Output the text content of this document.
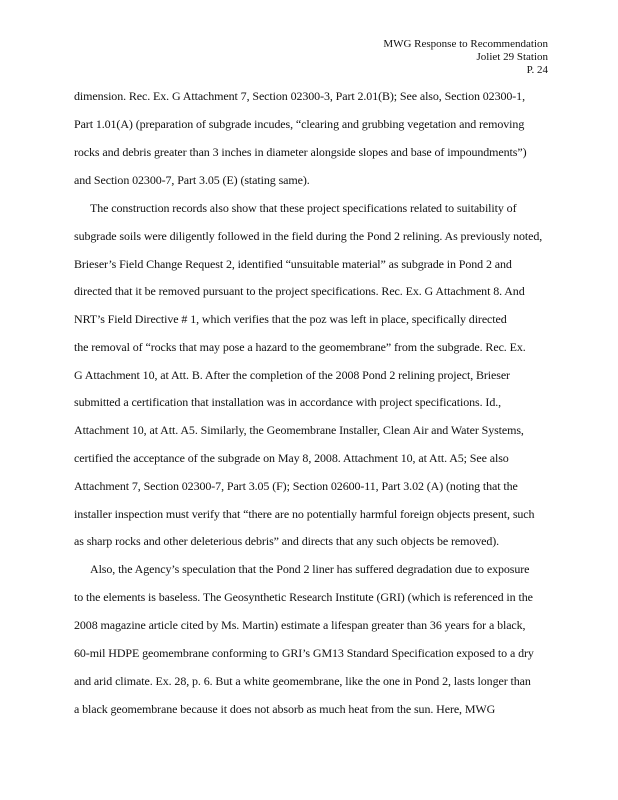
MWG Response to Recommendation
Joliet 29 Station
P. 24
dimension. Rec. Ex. G Attachment 7, Section 02300-3, Part 2.01(B); See also, Section 02300-1,
Part 1.01(A) (preparation of subgrade incudes, “clearing and grubbing vegetation and removing
rocks and debris greater than 3 inches in diameter alongside slopes and base of impoundments”)
and Section 02300-7, Part 3.05 (E) (stating same).
The construction records also show that these project specifications related to suitability of
subgrade soils were diligently followed in the field during the Pond 2 relining. As previously noted,
Brieser’s Field Change Request 2, identified “unsuitable material” as subgrade in Pond 2 and
directed that it be removed pursuant to the project specifications. Rec. Ex. G Attachment 8. And
NRT’s Field Directive # 1, which verifies that the poz was left in place, specifically directed
the removal of “rocks that may pose a hazard to the geomembrane” from the subgrade. Rec. Ex.
G Attachment 10, at Att. B. After the completion of the 2008 Pond 2 relining project, Brieser
submitted a certification that installation was in accordance with project specifications. Id.,
Attachment 10, at Att. A5. Similarly, the Geomembrane Installer, Clean Air and Water Systems,
certified the acceptance of the subgrade on May 8, 2008. Attachment 10, at Att. A5; See also
Attachment 7, Section 02300-7, Part 3.05 (F); Section 02600-11, Part 3.02 (A) (noting that the
installer inspection must verify that “there are no potentially harmful foreign objects present, such
as sharp rocks and other deleterious debris” and directs that any such objects be removed).
Also, the Agency’s speculation that the Pond 2 liner has suffered degradation due to exposure
to the elements is baseless. The Geosynthetic Research Institute (GRI) (which is referenced in the
2008 magazine article cited by Ms. Martin) estimate a lifespan greater than 36 years for a black,
60-mil HDPE geomembrane conforming to GRI’s GM13 Standard Specification exposed to a dry
and arid climate. Ex. 28, p. 6. But a white geomembrane, like the one in Pond 2, lasts longer than
a black geomembrane because it does not absorb as much heat from the sun. Here, MWG
